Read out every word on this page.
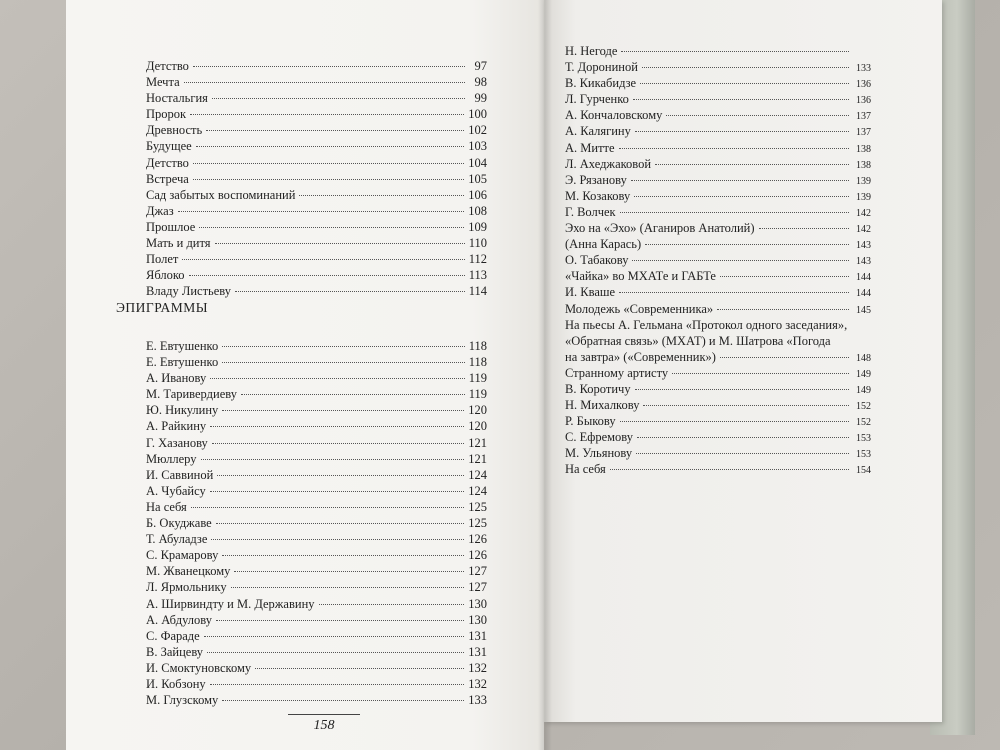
Детство	97
Мечта	98
Ностальгия	99
Пророк	100
Древность	102
Будущее	103
Детство	104
Встреча	105
Сад забытых воспоминаний	106
Джаз	108
Прошлое	109
Мать и дитя	110
Полет	112
Яблоко	113
Владу Листьеву	114
ЭПИГРАММЫ
Е. Евтушенко	118
Е. Евтушенко	118
А. Иванову	119
М. Таривердиеву	119
Ю. Никулину	120
А. Райкину	120
Г. Хазанову	121
Мюллеру	121
И. Саввиной	124
А. Чубайсу	124
На себя	125
Б. Окуджаве	125
Т. Абуладзе	126
С. Крамарову	126
М. Жванецкому	127
Л. Ярмольнику	127
А. Ширвиндту и М. Державину	130
А. Абдулову	130
С. Фараде	131
В. Зайцеву	131
И. Смоктуновскому	132
И. Кобзону	132
М. Глузскому	133
158
Н. Негоде
Т. Дорониной	133
В. Кикабидзе	136
Л. Гурченко	136
А. Кончаловскому	137
А. Калягину	137
А. Митте	138
Л. Ахеджаковой	138
Э. Рязанову	139
М. Козакову	139
Г. Волчек	142
Эхо на «Эхо» (Аганиров Анатолий)	142
(Анна Карась)	143
О. Табакову	143
«Чайка» во МХАТе и ГАБТе	144
И. Кваше	144
Молодежь «Современника»	145
На пьесы А. Гельмана «Протокол одного заседания»,
«Обратная связь» (МХАТ) и М. Шатрова «Погода
на завтра» («Современник»)	148
Странному артисту	149
В. Коротичу	149
Н. Михалкову	152
Р. Быкову	152
С. Ефремову	153
М. Ульянову	153
На себя	154
